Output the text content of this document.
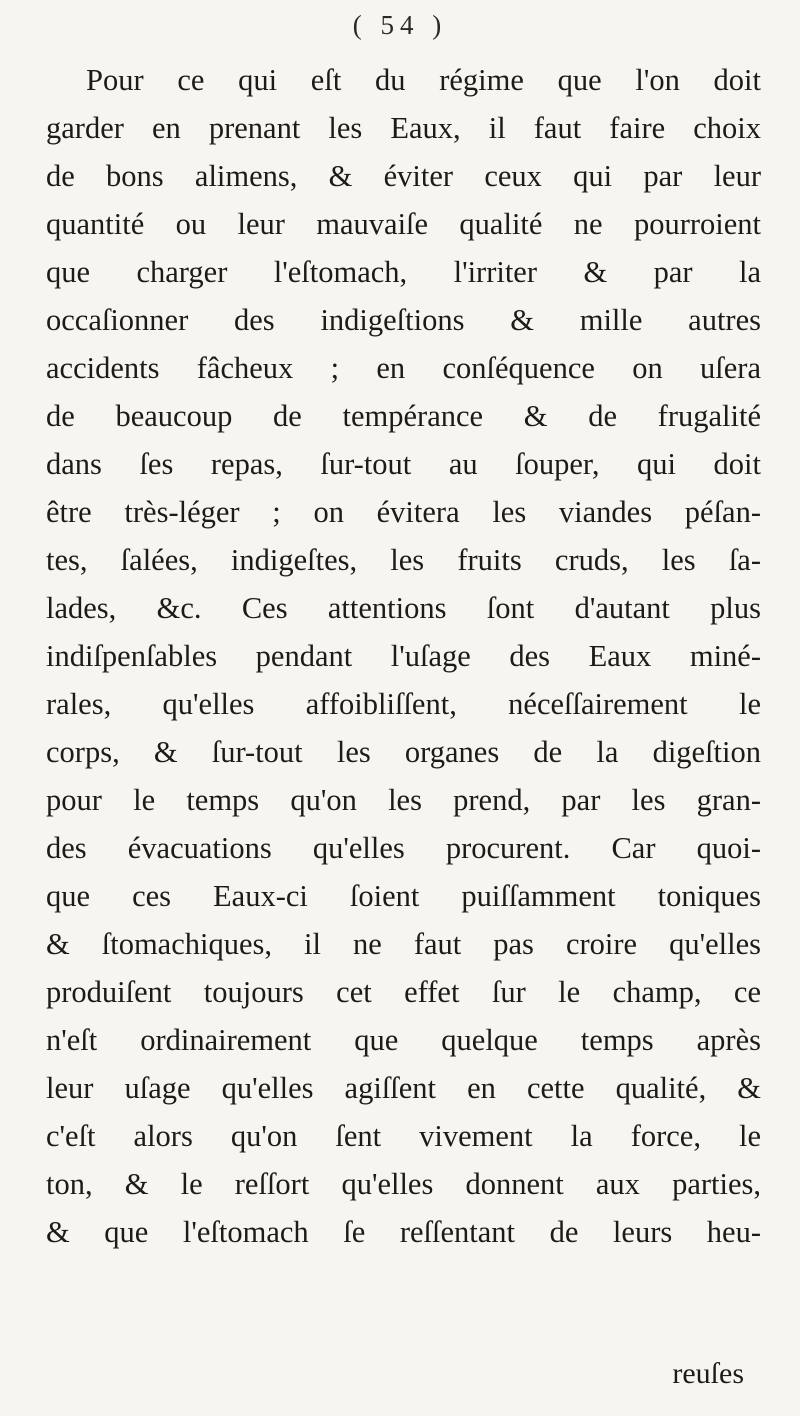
( 54 )
Pour ce qui eſt du régime que l'on doit
garder en prenant les Eaux, il faut faire choix
de bons alimens, & éviter ceux qui par leur
quantité ou leur mauvaiſe qualité ne pourroient
que charger l'eſtomach, l'irriter & par la
occaſionner des indigeſtions & mille autres
accidents fâcheux ; en conſéquence on uſera
de beaucoup de tempérance & de frugalité
dans ſes repas, ſur-tout au ſouper, qui doit
être très-léger ; on évitera les viandes péſan-
tes, ſalées, indigeſtes, les fruits cruds, les ſa-
lades, &c. Ces attentions ſont d'autant plus
indiſpenſables pendant l'uſage des Eaux miné-
rales, qu'elles affoibliſſent, néceſſairement le
corps, & ſur-tout les organes de la digeſtion
pour le temps qu'on les prend, par les gran-
des évacuations qu'elles procurent. Car quoi-
que ces Eaux-ci ſoient puiſſamment toniques
& ſtomachiques, il ne faut pas croire qu'elles
produiſent toujours cet effet ſur le champ, ce
n'eſt ordinairement que quelque temps après
leur uſage qu'elles agiſſent en cette qualité, &
c'eſt alors qu'on ſent vivement la force, le
ton, & le reſſort qu'elles donnent aux parties,
& que l'eſtomach ſe reſſentant de leurs heu-
reuſes
